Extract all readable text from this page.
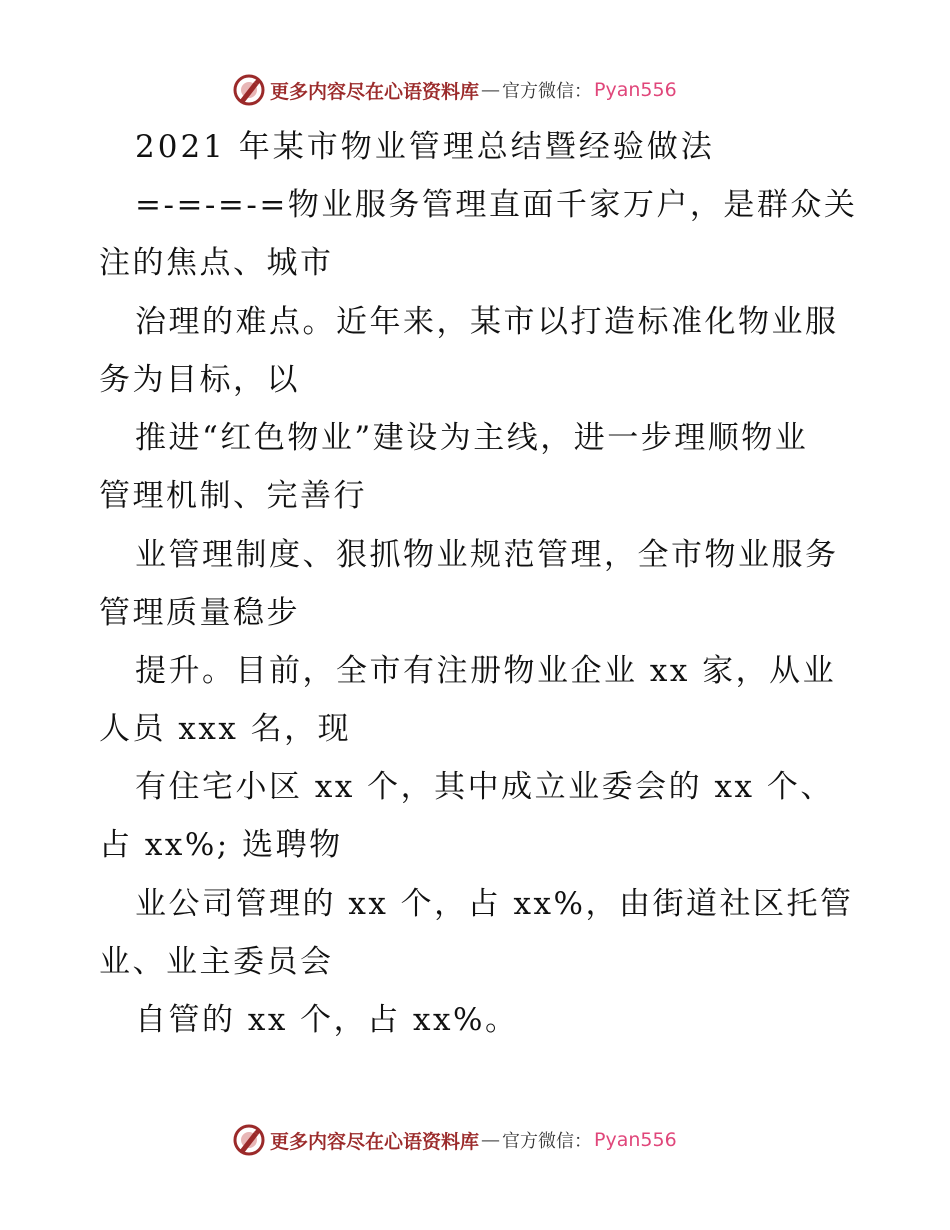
更多内容尽在心语资料库 — 官方微信： Pyan556
2021 年某市物业管理总结暨经验做法
=-=-=-=物业服务管理直面千家万户，是群众关
注的焦点、城市
治理的难点。近年来，某市以打造标准化物业服
务为目标，以
推进“红色物业”建设为主线，进一步理顺物业
管理机制、完善行
业管理制度、狠抓物业规范管理，全市物业服务
管理质量稳步
提升。目前，全市有注册物业企业 xx 家，从业
人员 xxx 名，现
有住宅小区 xx 个，其中成立业委会的 xx 个、
占 xx%; 选聘物
业公司管理的 xx 个，占 xx%，由街道社区托管
业、业主委员会
自管的 xx 个，占 xx%。
更多内容尽在心语资料库 — 官方微信： Pyan556
